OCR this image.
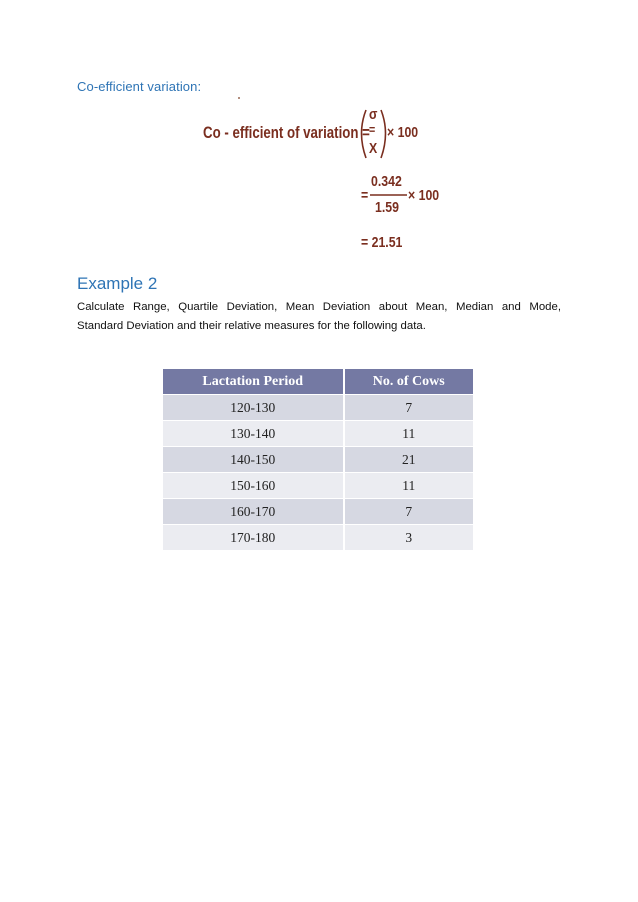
Co-efficient variation:
Co - efficient of variation =
σ
=
X
× 100
=
0.342
1.59
× 100
= 21.51
Example 2
Calculate Range, Quartile Deviation, Mean Deviation about Mean, Median and Mode,
Standard Deviation and their relative measures for the following data.
Lactation Period	No. of Cows
120-130	7
130-140	11
140-150	21
150-160	11
160-170	7
170-180	3
